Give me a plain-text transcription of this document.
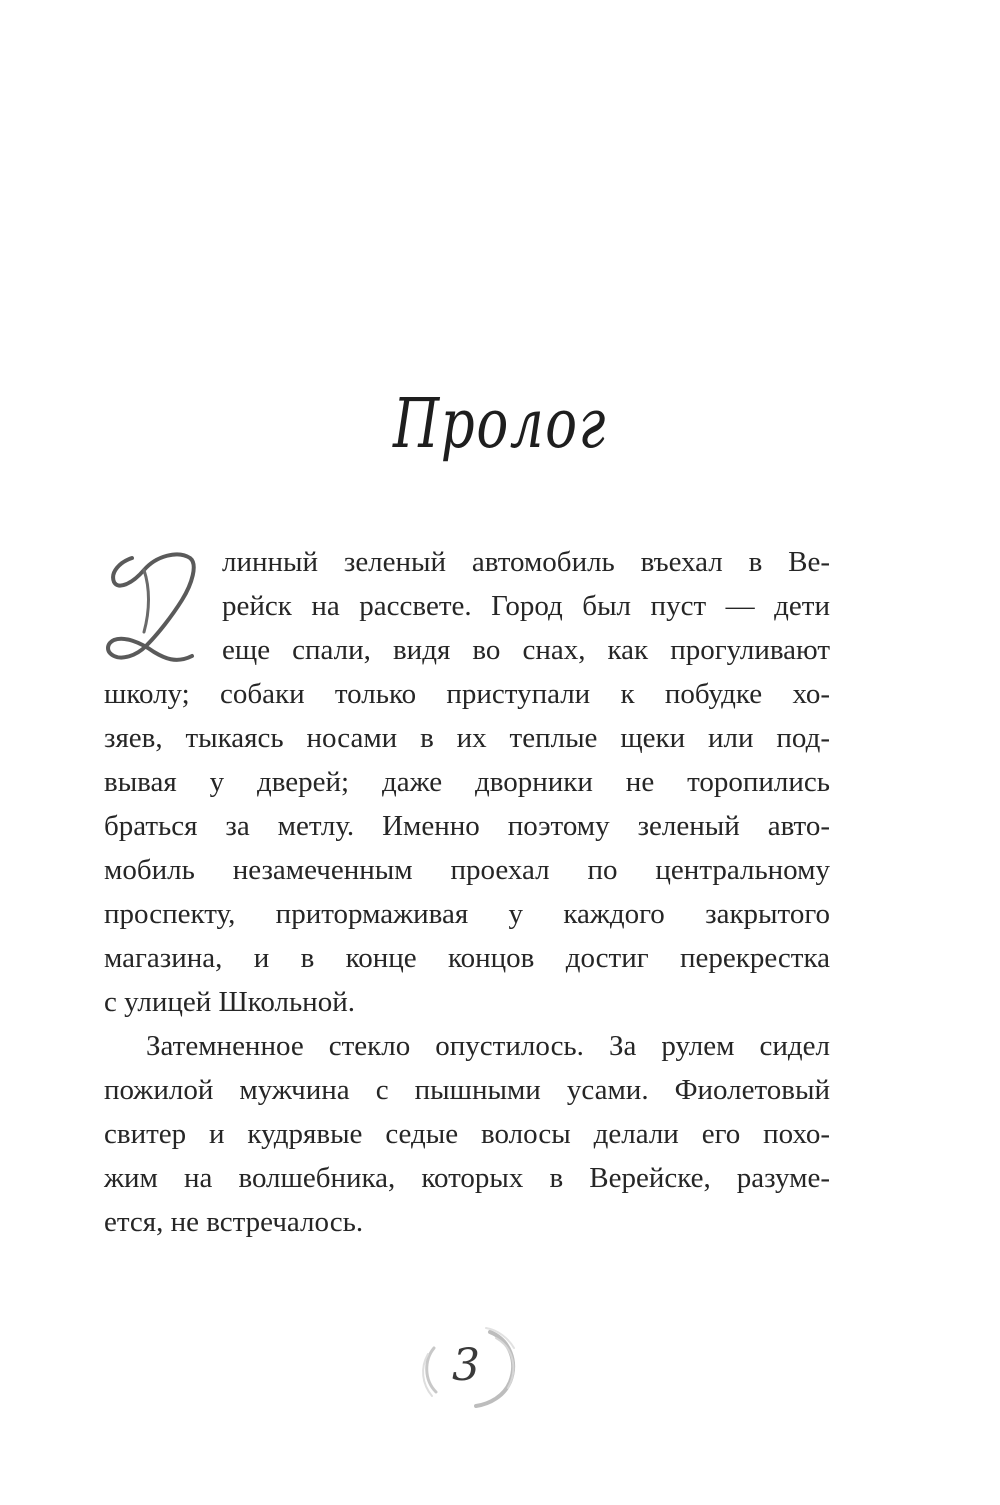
Пролог
линный зеленый автомобиль въехал в Ве-
рейск на рассвете. Город был пуст — дети
еще спали, видя во снах, как прогуливают
школу; собаки только приступали к побудке хо-
зяев, тыкаясь носами в их теплые щеки или под-
вывая у дверей; даже дворники не торопились
браться за метлу. Именно поэтому зеленый авто-
мобиль незамеченным проехал по центральному
проспекту, притормаживая у каждого закрытого
магазина, и в конце концов достиг перекрестка
с улицей Школьной.
Затемненное стекло опустилось. За рулем сидел
пожилой мужчина с пышными усами. Фиолетовый
свитер и кудрявые седые волосы делали его похо-
жим на волшебника, которых в Верейске, разуме-
ется, не встречалось.
3
